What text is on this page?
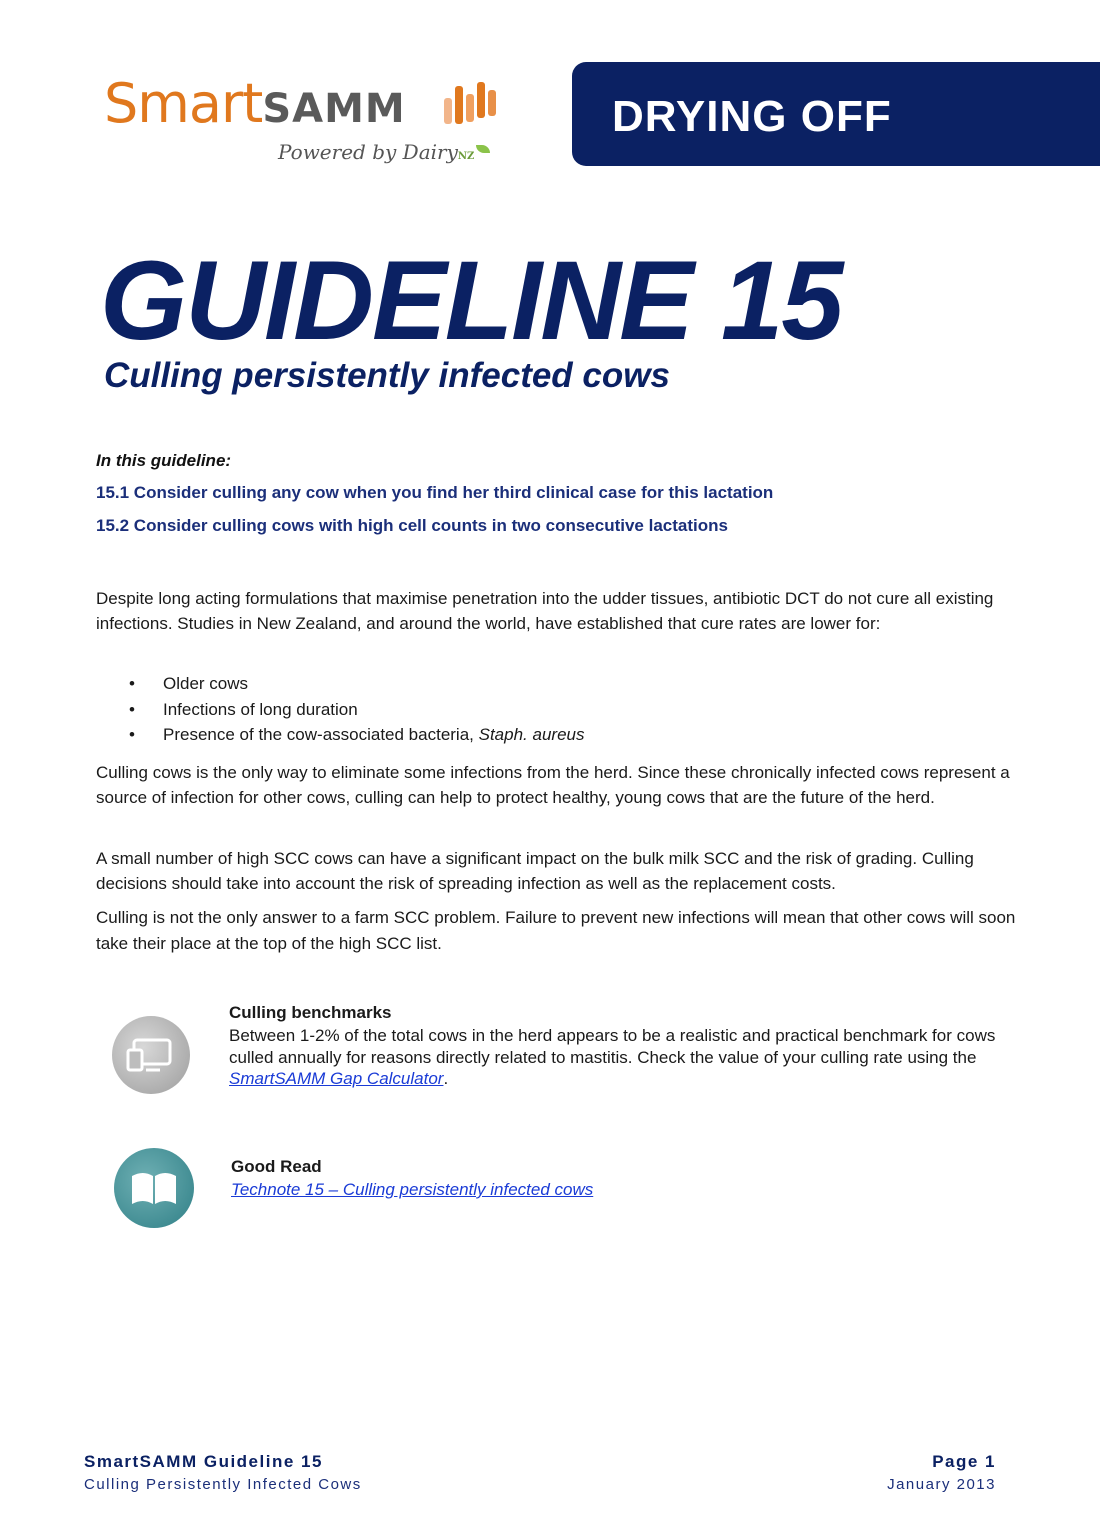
SmartSAMM
Powered by DairyNZ
DRYING OFF
GUIDELINE 15
Culling persistently infected cows
In this guideline:
15.1 Consider culling any cow when you find her third clinical case for this lactation
15.2 Consider culling cows with high cell counts in two consecutive lactations

Despite long acting formulations that maximise penetration into the udder tissues, antibiotic DCT do not cure all existing infections. Studies in New Zealand, and around the world, have established that cure rates are lower for:

• Older cows
• Infections of long duration
• Presence of the cow-associated bacteria, Staph. aureus

Culling cows is the only way to eliminate some infections from the herd. Since these chronically infected cows represent a source of infection for other cows, culling can help to protect healthy, young cows that are the future of the herd.

A small number of high SCC cows can have a significant impact on the bulk milk SCC and the risk of grading. Culling decisions should take into account the risk of spreading infection as well as the replacement costs.

Culling is not the only answer to a farm SCC problem. Failure to prevent new infections will mean that other cows will soon take their place at the top of the high SCC list.

Culling benchmarks

Between 1-2% of the total cows in the herd appears to be a realistic and practical benchmark for cows culled annually for reasons directly related to mastitis. Check the value of your culling rate using the SmartSAMM Gap Calculator.

Good Read
Technote 15 – Culling persistently infected cows
SmartSAMM Guideline 15
Culling Persistently Infected Cows
Page 1
January 2013
